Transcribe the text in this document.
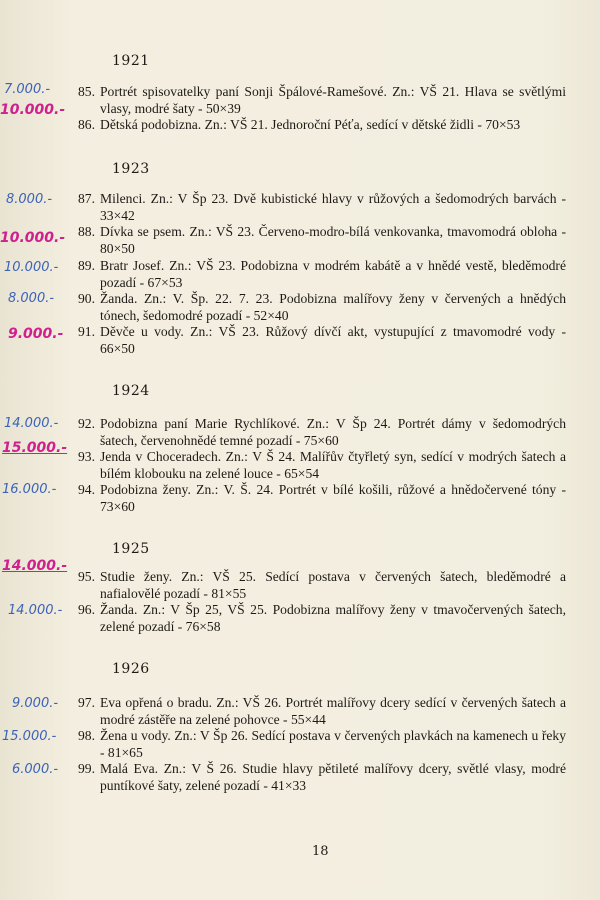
1921
85. Portrét spisovatelky paní Sonji Špálové-Ramešové. Zn.: VŠ 21. Hlava se světlými vlasy, modré šaty - 50×39
86. Dětská podobizna. Zn.: VŠ 21. Jednoroční Péťa, sedící v dětské židli - 70×53
1923
87. Milenci. Zn.: V Šp 23. Dvě kubistické hlavy v růžových a šedomodrých barvách - 33×42
88. Dívka se psem. Zn.: VŠ 23. Červeno-modro-bílá venkovanka, tmavomodrá obloha - 80×50
89. Bratr Josef. Zn.: VŠ 23. Podobizna v modrém kabátě a v hnědé vestě, bleděmodré pozadí - 67×53
90. Žanda. Zn.: V. Šp. 22. 7. 23. Podobizna malířovy ženy v červených a hnědých tónech, šedomodré pozadí - 52×40
91. Děvče u vody. Zn.: VŠ 23. Růžový dívčí akt, vystupující z tmavomodré vody - 66×50
1924
92. Podobizna paní Marie Rychlíkové. Zn.: V Šp 24. Portrét dámy v šedomodrých šatech, červenohnědé temné pozadí - 75×60
93. Jenda v Choceradech. Zn.: V Š 24. Malířův čtyřletý syn, sedící v modrých šatech a bílém klobouku na zelené louce - 65×54
94. Podobizna ženy. Zn.: V. Š. 24. Portrét v bílé košili, růžové a hnědočervené tóny - 73×60
1925
95. Studie ženy. Zn.: VŠ 25. Sedící postava v červených šatech, bleděmodré a nafialovělé pozadí - 81×55
96. Žanda. Zn.: V Šp 25, VŠ 25. Podobizna malířovy ženy v tmavočervených šatech, zelené pozadí - 76×58
1926
97. Eva opřená o bradu. Zn.: VŠ 26. Portrét malířovy dcery sedící v červených šatech a modré zástěře na zelené pohovce - 55×44
98. Žena u vody. Zn.: V Šp 26. Sedící postava v červených plavkách na kamenech u řeky - 81×65
99. Malá Eva. Zn.: V Š 26. Studie hlavy pětileté malířovy dcery, světlé vlasy, modré puntíkové šaty, zelené pozadí - 41×33
18
7.000.-
10.000.-
8.000.-
10.000.-
10.000.-
8.000.-
9.000.-
14.000.-
15.000.-
16.000.-
14.000.-
14.000.-
9.000.-
15.000.-
6.000.-
